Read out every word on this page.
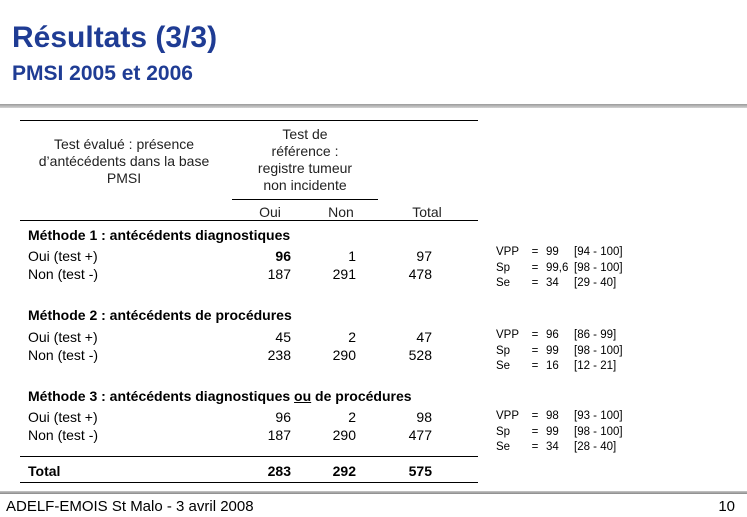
Résultats (3/3)
PMSI 2005 et 2006
Test évalué : présence
d’antécédents dans la base
PMSI
Test de
référence :
registre tumeur
non incidente
Oui	Non	Total
Méthode 1 : antécédents diagnostiques
Oui (test +)	96	1	97
Non (test -)	187	291	478
Méthode 2 : antécédents de procédures
Oui (test +)	45	2	47
Non (test -)	238	290	528
Méthode 3 : antécédents diagnostiques ou de procédures
Oui (test +)	96	2	98
Non (test -)	187	290	477
Total	283	292	575
VPP = 99 [94 - 100]
Sp = 99,6 [98 - 100]
Se = 34 [29 - 40]
VPP = 96 [86 - 99]
Sp = 99 [98 - 100]
Se = 16 [12 - 21]
VPP = 98 [93 - 100]
Sp = 99 [98 - 100]
Se = 34 [28 - 40]
ADELF-EMOIS St Malo - 3 avril 2008	10
